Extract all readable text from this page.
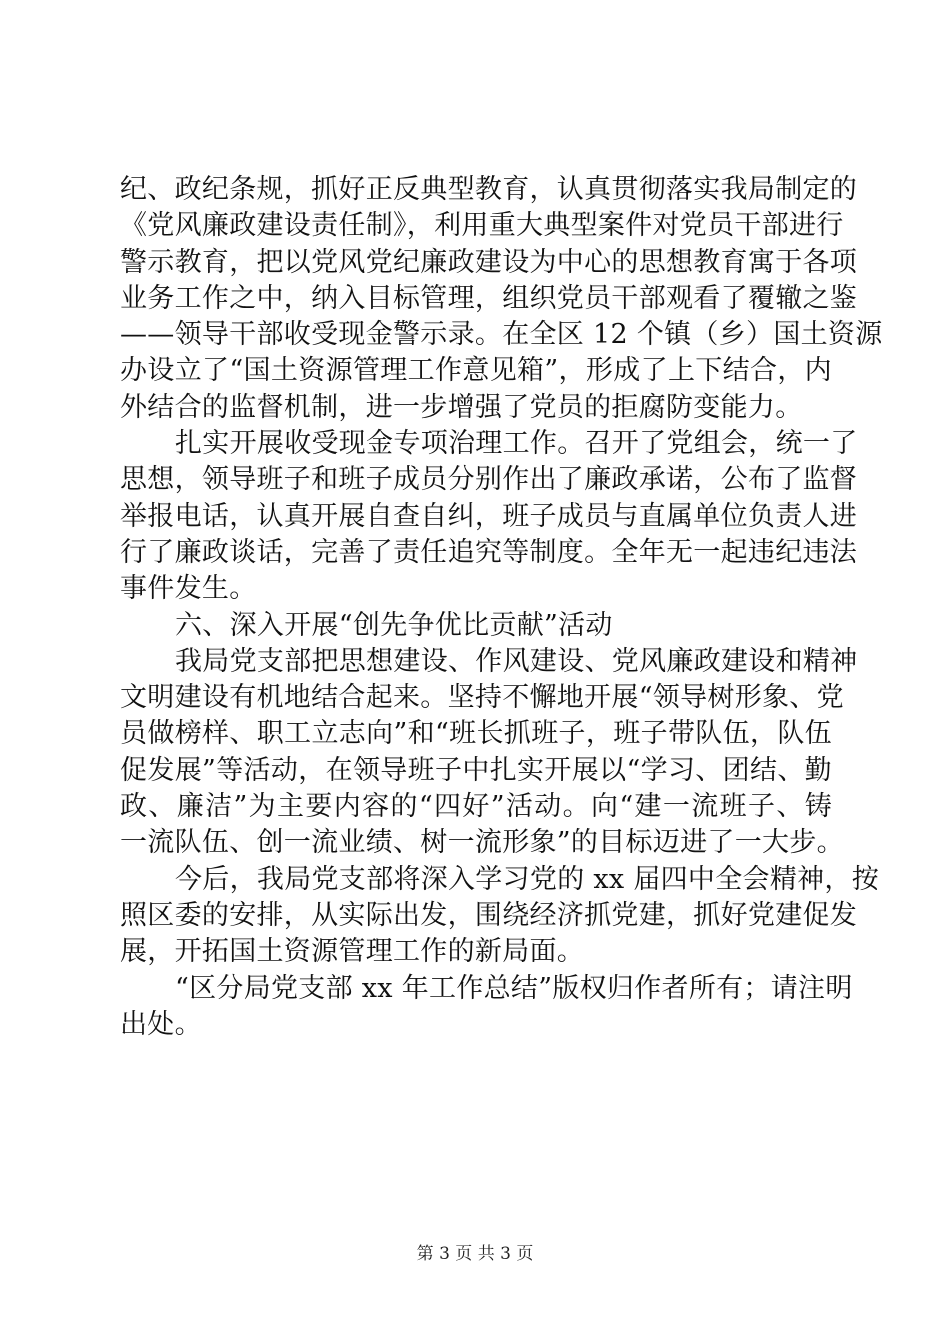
纪、政纪条规，抓好正反典型教育，认真贯彻落实我局制定的
《党风廉政建设责任制》，利用重大典型案件对党员干部进行
警示教育，把以党风党纪廉政建设为中心的思想教育寓于各项
业务工作之中，纳入目标管理，组织党员干部观看了覆辙之鉴
——领导干部收受现金警示录。在全区 12 个镇（乡）国土资源
办设立了“国土资源管理工作意见箱”，形成了上下结合，内
外结合的监督机制，进一步增强了党员的拒腐防变能力。
扎实开展收受现金专项治理工作。召开了党组会，统一了
思想，领导班子和班子成员分别作出了廉政承诺，公布了监督
举报电话，认真开展自查自纠，班子成员与直属单位负责人进
行了廉政谈话，完善了责任追究等制度。全年无一起违纪违法
事件发生。
六、深入开展“创先争优比贡献”活动
我局党支部把思想建设、作风建设、党风廉政建设和精神
文明建设有机地结合起来。坚持不懈地开展“领导树形象、党
员做榜样、职工立志向”和“班长抓班子，班子带队伍，队伍
促发展”等活动，在领导班子中扎实开展以“学习、团结、勤
政、廉洁”为主要内容的“四好”活动。向“建一流班子、铸
一流队伍、创一流业绩、树一流形象”的目标迈进了一大步。
今后，我局党支部将深入学习党的 xx 届四中全会精神，按
照区委的安排，从实际出发，围绕经济抓党建，抓好党建促发
展，开拓国土资源管理工作的新局面。
“区分局党支部 xx 年工作总结”版权归作者所有；请注明
出处。
第 3 页 共 3 页
